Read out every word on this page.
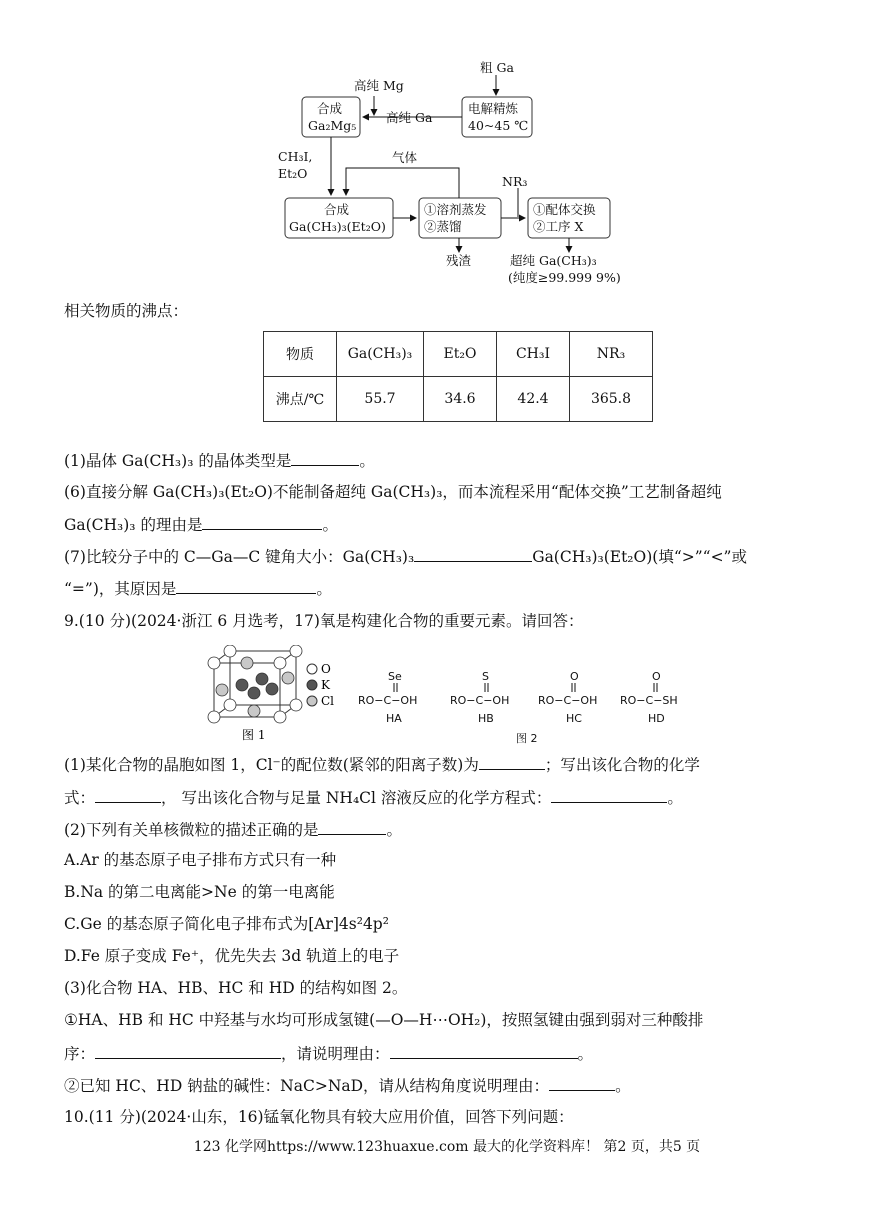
高纯 Mg
粗 Ga
合成
Ga₂Mg₅
高纯 Ga
电解精炼
40~45 ℃
CH₃I,
Et₂O
气体
NR₃
合成
Ga(CH₃)₃(Et₂O)
①溶剂蒸发
②蒸馏
①配体交换
②工序 X
残渣	超纯 Ga(CH₃)₃
(纯度≥99.999 9%)
相关物质的沸点：
物质	Ga(CH₃)₃	Et₂O	CH₃I	NR₃
沸点/℃	55.7	34.6	42.4	365.8
(1)晶体 Ga(CH₃)₃ 的晶体类型是	。
(6)直接分解 Ga(CH₃)₃(Et₂O)不能制备超纯 Ga(CH₃)₃，而本流程采用“配体交换”工艺制备超纯
Ga(CH₃)₃ 的理由是	。
(7)比较分子中的 C—Ga—C 键角大小：Ga(CH₃)₃	Ga(CH₃)₃(Et₂O)(填“>”“<”或
“=”)，其原因是	。
9.(10 分)(2024·浙江 6 月选考，17)氧是构建化合物的重要元素。请回答：
O
K
Cl
图 1
Se
RO−C−OH
HA
S
RO−C−OH
HB
O
RO−C−OH
HC
O
RO−C−SH
HD
图 2
(1)某化合物的晶胞如图 1，Cl⁻的配位数(紧邻的阳离子数)为	；写出该化合物的化学
式：	， 写出该化合物与足量 NH₄Cl 溶液反应的化学方程式：	。
(2)下列有关单核微粒的描述正确的是	。
A.Ar 的基态原子电子排布方式只有一种
B.Na 的第二电离能>Ne 的第一电离能
C.Ge 的基态原子简化电子排布式为[Ar]4s²4p²
D.Fe 原子变成 Fe⁺，优先失去 3d 轨道上的电子
(3)化合物 HA、HB、HC 和 HD 的结构如图 2。
①HA、HB 和 HC 中羟基与水均可形成氢键(—O—H⋯OH₂)，按照氢键由强到弱对三种酸排
序：	，请说明理由：	。
②已知 HC、HD 钠盐的碱性：NaC>NaD，请从结构角度说明理由：	。
10.(11 分)(2024·山东，16)锰氧化物具有较大应用价值，回答下列问题：
123 化学网https://www.123huaxue.com 最大的化学资料库！ 第2 页，共5 页
